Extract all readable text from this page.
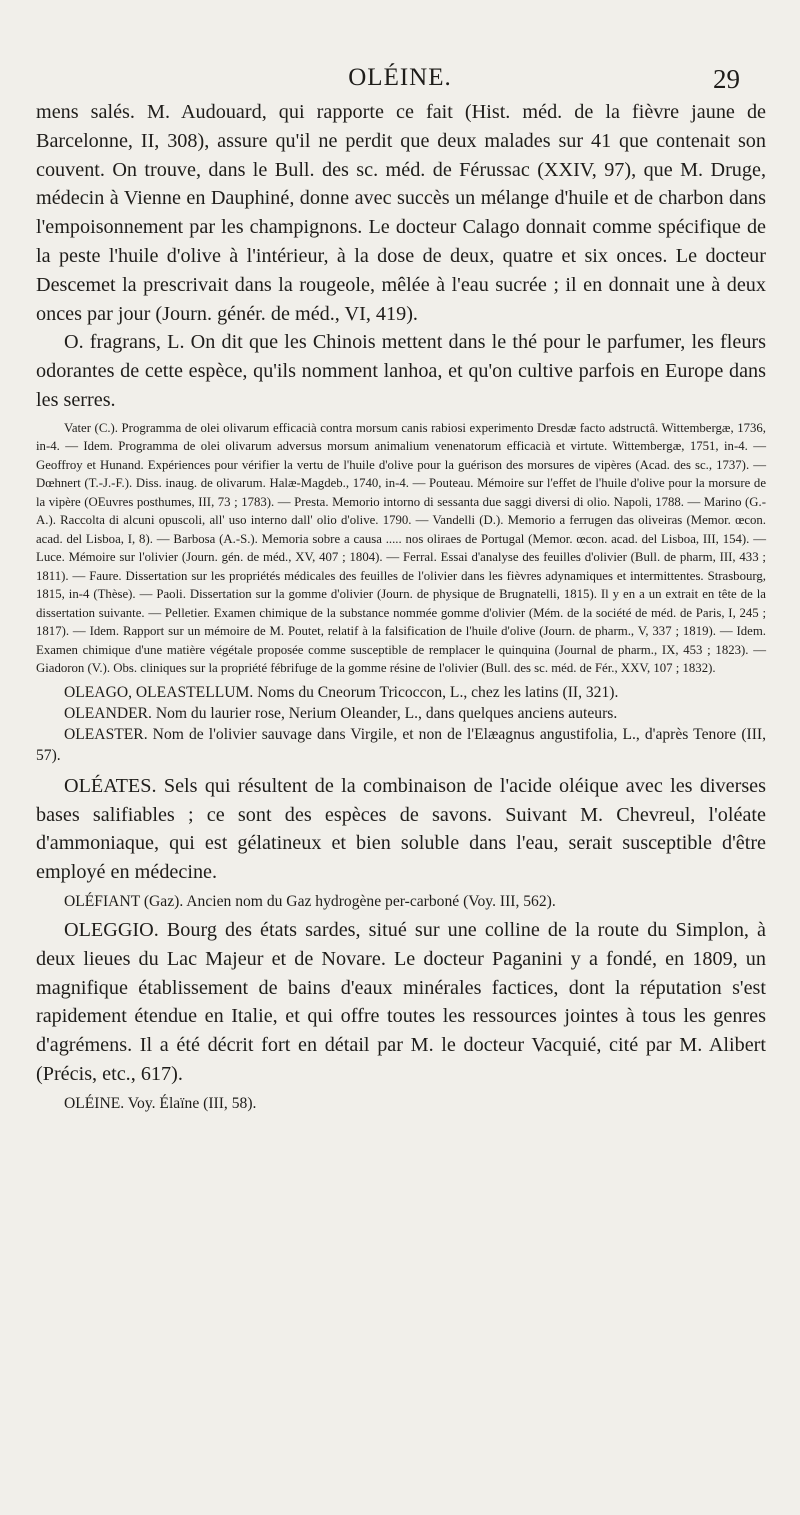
OLÉINE.	29

mens salés. M. Audouard, qui rapporte ce fait (Hist. méd. de la fièvre jaune de Barcelonne, II, 308), assure qu'il ne perdit que deux malades sur 41 que contenait son couvent. On trouve, dans le Bull. des sc. méd. de Férussac (XXIV, 97), que M. Druge, médecin à Vienne en Dauphiné, donne avec succès un mélange d'huile et de charbon dans l'empoisonnement par les champignons. Le docteur Calago donnait comme spécifique de la peste l'huile d'olive à l'intérieur, à la dose de deux, quatre et six onces. Le docteur Descemet la prescrivait dans la rougeole, mêlée à l'eau sucrée ; il en donnait une à deux onces par jour (Journ. génér. de méd., VI, 419).

O. fragrans, L. On dit que les Chinois mettent dans le thé pour le parfumer, les fleurs odorantes de cette espèce, qu'ils nomment lanhoa, et qu'on cultive parfois en Europe dans les serres.

Vater (C.). Programma de olei olivarum efficacià contra morsum canis rabiosi experimento Dresdæ facto adstructâ. Wittembergæ, 1736, in-4. — Idem. Programma de olei olivarum adversus morsum animalium venenatorum efficacià et virtute. Wittembergæ, 1751, in-4. — Geoffroy et Hunand. Expériences pour vérifier la vertu de l'huile d'olive pour la guérison des morsures de vipères (Acad. des sc., 1737). — Dœhnert (T.-J.-F.). Diss. inaug. de olivarum. Halæ-Magdeb., 1740, in-4. — Pouteau. Mémoire sur l'effet de l'huile d'olive pour la morsure de la vipère (OEuvres posthumes, III, 73 ; 1783). — Presta. Memorio intorno di sessanta due saggi diversi di olio. Napoli, 1788. — Marino (G.-A.). Raccolta di alcuni opuscoli, all' uso interno dall' olio d'olive. 1790. — Vandelli (D.). Memorio a ferrugen das oliveiras (Memor. œcon. acad. del Lisboa, I, 8). — Barbosa (A.-S.). Memoria sobre a causa ..... nos oliraes de Portugal (Memor. œcon. acad. del Lisboa, III, 154). — Luce. Mémoire sur l'olivier (Journ. gén. de méd., XV, 407 ; 1804). — Ferral. Essai d'analyse des feuilles d'olivier (Bull. de pharm, III, 433 ; 1811). — Faure. Dissertation sur les propriétés médicales des feuilles de l'olivier dans les fièvres adynamiques et intermittentes. Strasbourg, 1815, in-4 (Thèse). — Paoli. Dissertation sur la gomme d'olivier (Journ. de physique de Brugnatelli, 1815). Il y en a un extrait en tête de la dissertation suivante. — Pelletier. Examen chimique de la substance nommée gomme d'olivier (Mém. de la société de méd. de Paris, I, 245 ; 1817). — Idem. Rapport sur un mémoire de M. Poutet, relatif à la falsification de l'huile d'olive (Journ. de pharm., V, 337 ; 1819). — Idem. Examen chimique d'une matière végétale proposée comme susceptible de remplacer le quinquina (Journal de pharm., IX, 453 ; 1823). — Giadoron (V.). Obs. cliniques sur la propriété fébrifuge de la gomme résine de l'olivier (Bull. des sc. méd. de Fér., XXV, 107 ; 1832).

OLEAGO, OLEASTELLUM. Noms du Cneorum Tricoccon, L., chez les latins (II, 321).

OLEANDER. Nom du laurier rose, Nerium Oleander, L., dans quelques anciens auteurs.

OLEASTER. Nom de l'olivier sauvage dans Virgile, et non de l'Elæagnus angustifolia, L., d'après Tenore (III, 57).

OLÉATES. Sels qui résultent de la combinaison de l'acide oléique avec les diverses bases salifiables ; ce sont des espèces de savons. Suivant M. Chevreul, l'oléate d'ammoniaque, qui est gélatineux et bien soluble dans l'eau, serait susceptible d'être employé en médecine.

OLÉFIANT (Gaz). Ancien nom du Gaz hydrogène per-carboné (Voy. III, 562).

OLEGGIO. Bourg des états sardes, situé sur une colline de la route du Simplon, à deux lieues du Lac Majeur et de Novare. Le docteur Paganini y a fondé, en 1809, un magnifique établissement de bains d'eaux minérales factices, dont la réputation s'est rapidement étendue en Italie, et qui offre toutes les ressources jointes à tous les genres d'agrémens. Il a été décrit fort en détail par M. le docteur Vacquié, cité par M. Alibert (Précis, etc., 617).

OLÉINE. Voy. Élaïne (III, 58).
